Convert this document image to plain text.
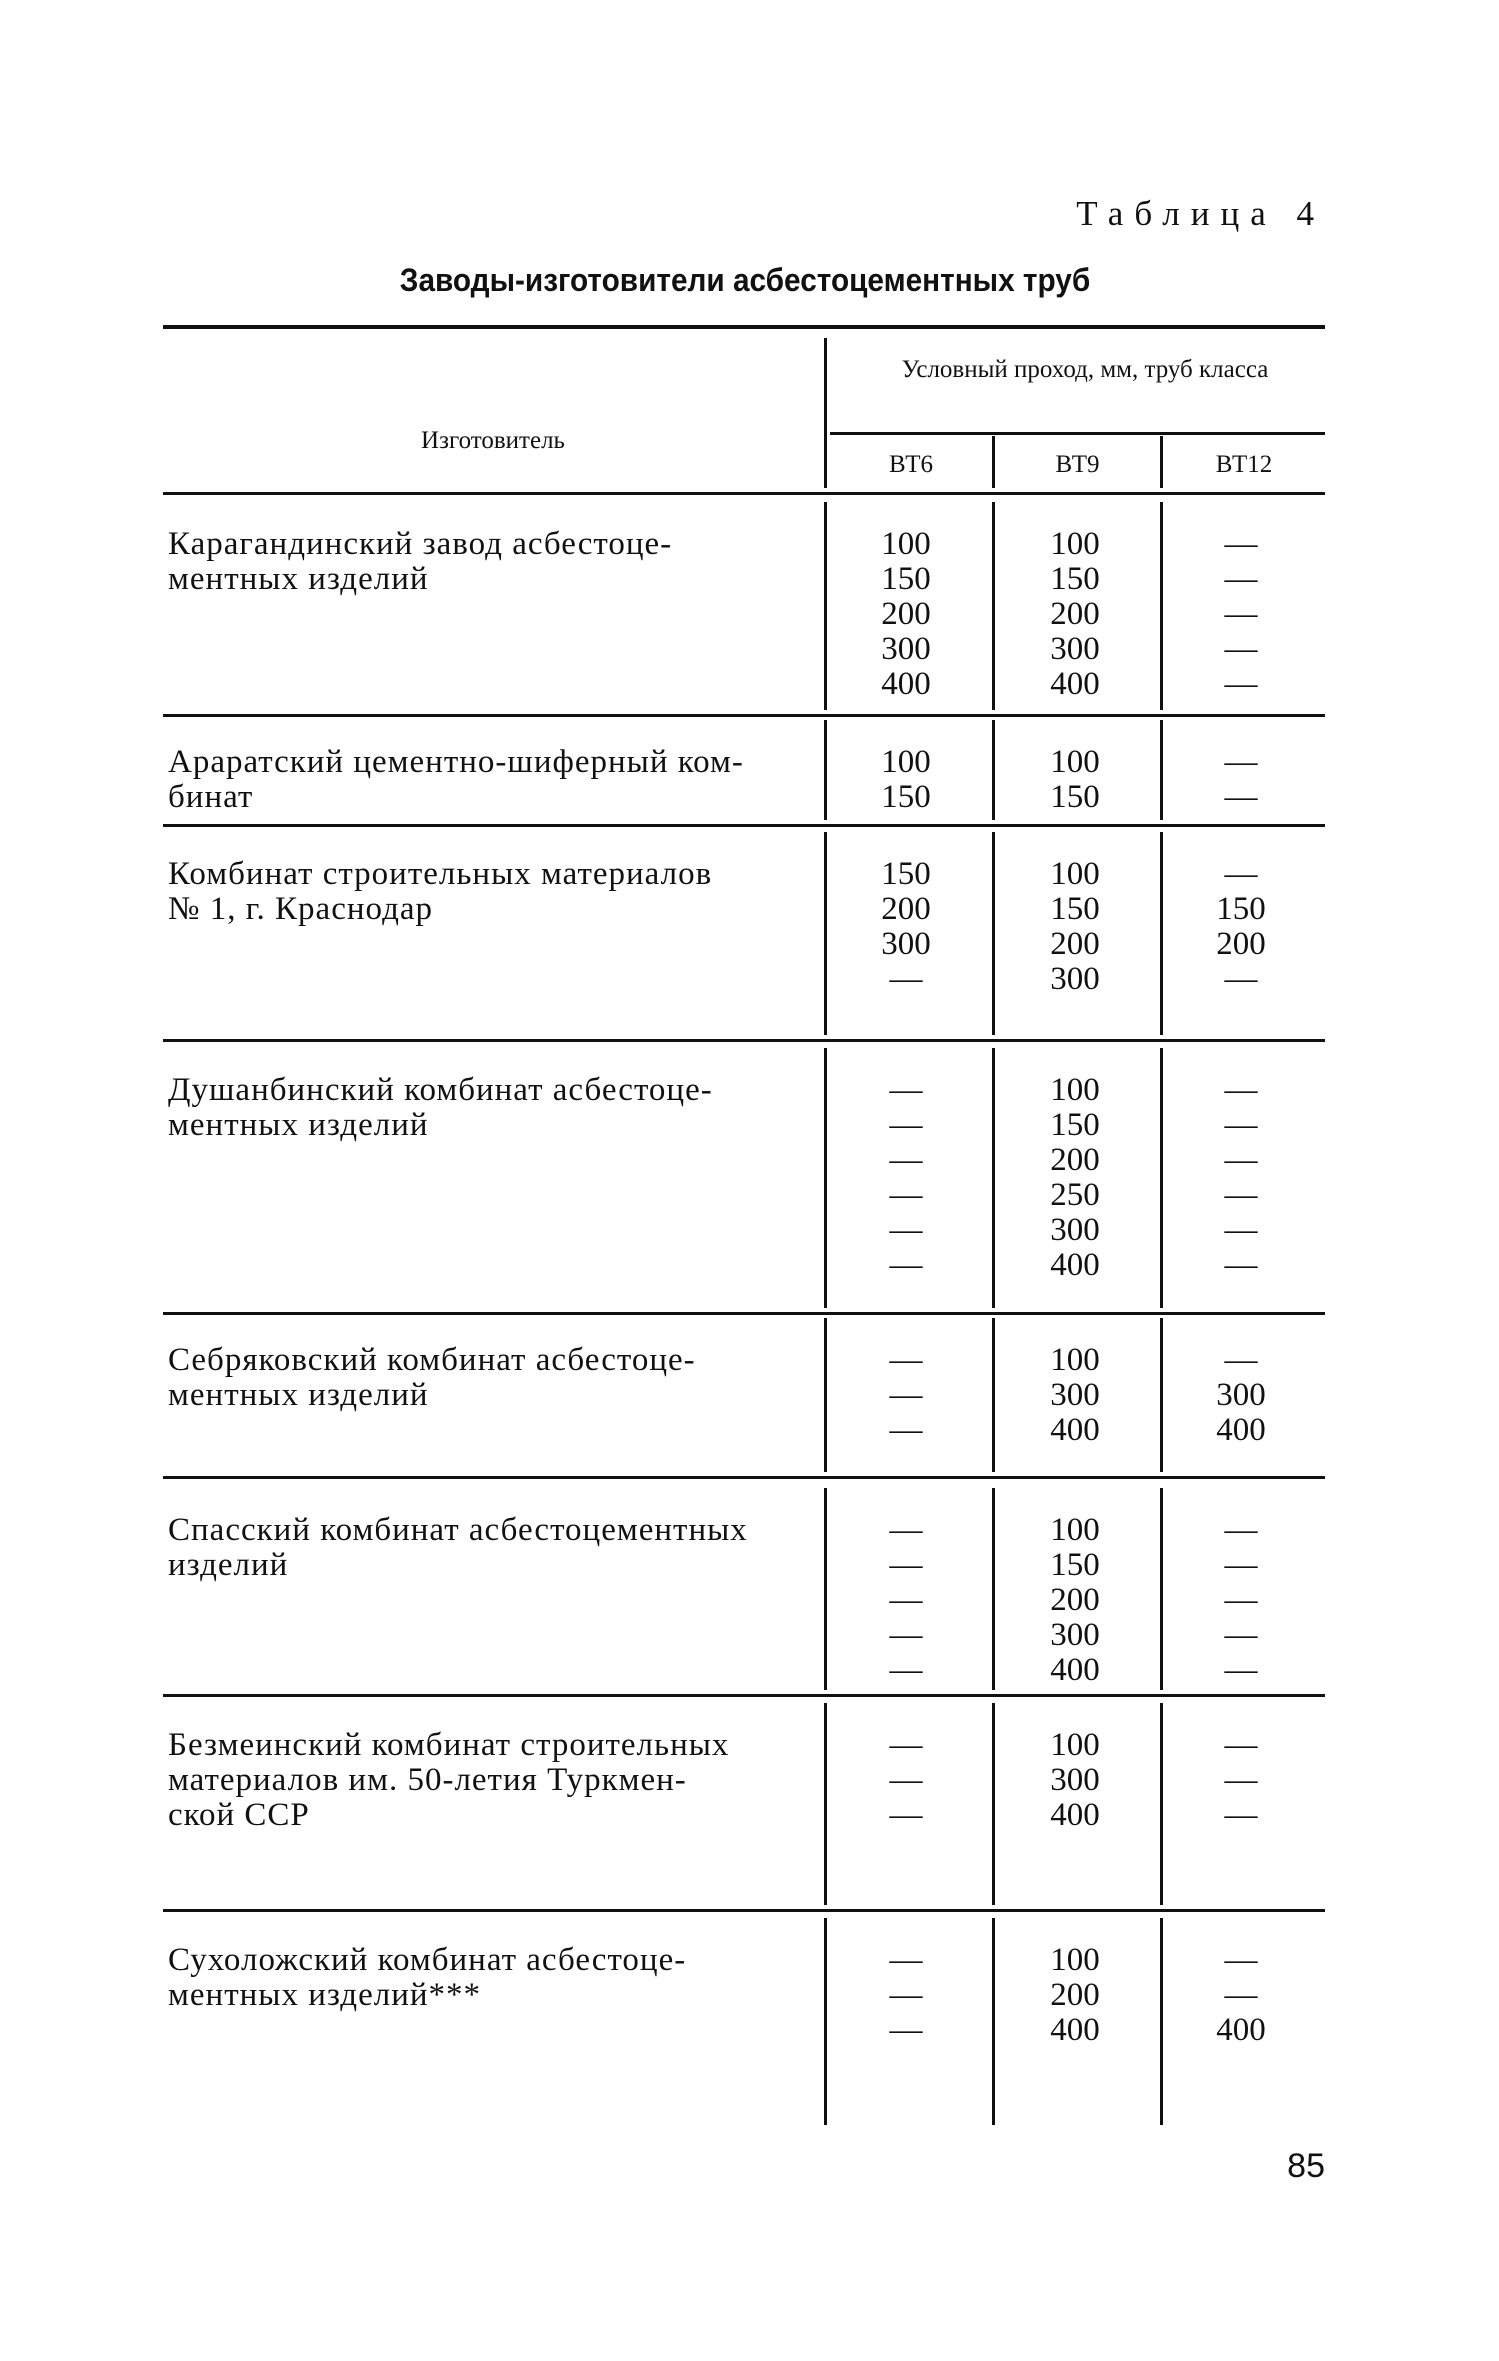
Таблица 4
Заводы-изготовители асбестоцементных труб
Изготовитель
Условный проход, мм, труб класса
ВТ6	ВТ9	ВТ12
Карагандинский завод асбестоце-
ментных изделий
100
150
200
300
400
100
150
200
300
400
—
—
—
—
—
Араратский цементно-шиферный ком-
бинат
100
150
100
150
—
—
Комбинат строительных материалов
№ 1, г. Краснодар
150
200
300
—
100
150
200
300
—
150
200
—
Душанбинский комбинат асбестоце-
ментных изделий
—
—
—
—
—
—
100
150
200
250
300
400
—
—
—
—
—
—
Себряковский комбинат асбестоце-
ментных изделий
—
—
—
100
300
400
—
300
400
Спасский комбинат асбестоцементных
изделий
—
—
—
—
—
100
150
200
300
400
—
—
—
—
—
Безмеинский комбинат строительных
материалов им. 50-летия Туркмен-
ской ССР
—
—
—
100
300
400
—
—
—
Сухоложский комбинат асбестоце-
ментных изделий***
—
—
—
100
200
400
—
—
400
85
